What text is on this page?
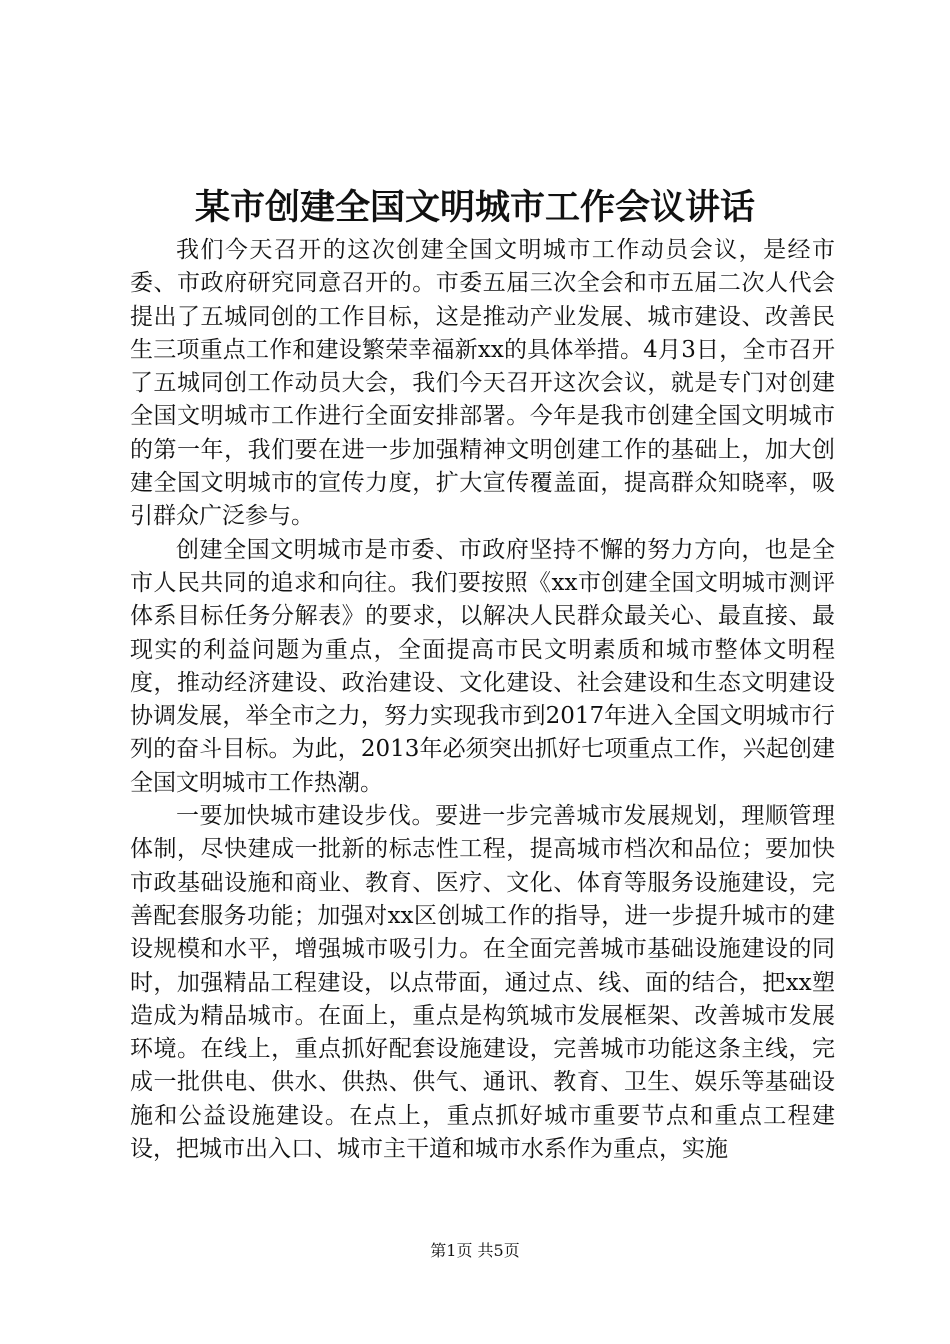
某市创建全国文明城市工作会议讲话

我们今天召开的这次创建全国文明城市工作动员会议，是经市委、市政府研究同意召开的。市委五届三次全会和市五届二次人代会提出了五城同创的工作目标，这是推动产业发展、城市建设、改善民生三项重点工作和建设繁荣幸福新xx的具体举措。4月3日，全市召开了五城同创工作动员大会，我们今天召开这次会议，就是专门对创建全国文明城市工作进行全面安排部署。今年是我市创建全国文明城市的第一年，我们要在进一步加强精神文明创建工作的基础上，加大创建全国文明城市的宣传力度，扩大宣传覆盖面，提高群众知晓率，吸引群众广泛参与。

创建全国文明城市是市委、市政府坚持不懈的努力方向，也是全市人民共同的追求和向往。我们要按照《xx市创建全国文明城市测评体系目标任务分解表》的要求，以解决人民群众最关心、最直接、最现实的利益问题为重点，全面提高市民文明素质和城市整体文明程度，推动经济建设、政治建设、文化建设、社会建设和生态文明建设协调发展，举全市之力，努力实现我市到2017年进入全国文明城市行列的奋斗目标。为此，2013年必须突出抓好七项重点工作，兴起创建全国文明城市工作热潮。

一要加快城市建设步伐。要进一步完善城市发展规划，理顺管理体制，尽快建成一批新的标志性工程，提高城市档次和品位；要加快市政基础设施和商业、教育、医疗、文化、体育等服务设施建设，完善配套服务功能；加强对xx区创城工作的指导，进一步提升城市的建设规模和水平，增强城市吸引力。在全面完善城市基础设施建设的同时，加强精品工程建设，以点带面，通过点、线、面的结合，把xx塑造成为精品城市。在面上，重点是构筑城市发展框架、改善城市发展环境。在线上，重点抓好配套设施建设，完善城市功能这条主线，完成一批供电、供水、供热、供气、通讯、教育、卫生、娱乐等基础设施和公益设施建设。在点上，重点抓好城市重要节点和重点工程建设，把城市出入口、城市主干道和城市水系作为重点，实施

第1页 共5页
